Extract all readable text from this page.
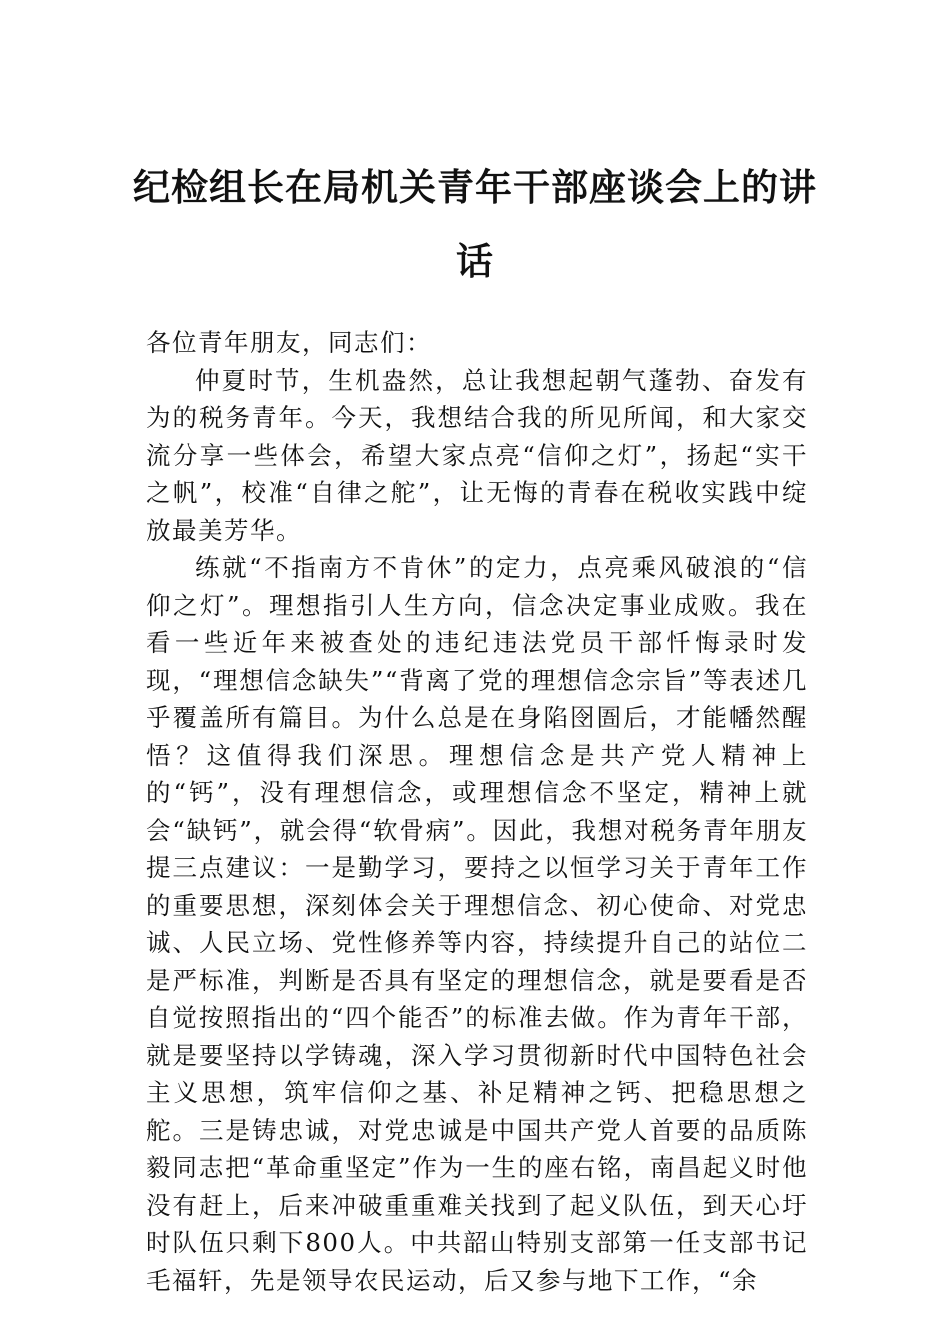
纪检组长在局机关青年干部座谈会上的讲话

各位青年朋友，同志们：

仲夏时节，生机盎然，总让我想起朝气蓬勃、奋发有为的税务青年。今天，我想结合我的所见所闻，和大家交流分享一些体会，希望大家点亮“信仰之灯”，扬起“实干之帆”，校准“自律之舵”，让无悔的青春在税收实践中绽放最美芳华。

练就“不指南方不肯休”的定力，点亮乘风破浪的“信仰之灯”。理想指引人生方向，信念决定事业成败。我在看一些近年来被查处的违纪违法党员干部忏悔录时发现，“理想信念缺失”“背离了党的理想信念宗旨”等表述几乎覆盖所有篇目。为什么总是在身陷囹圄后，才能幡然醒悟？这值得我们深思。理想信念是共产党人精神上的“钙”，没有理想信念，或理想信念不坚定，精神上就会“缺钙”，就会得“软骨病”。因此，我想对税务青年朋友提三点建议：一是勤学习，要持之以恒学习关于青年工作的重要思想，深刻体会关于理想信念、初心使命、对党忠诚、人民立场、党性修养等内容，持续提升自己的站位二是严标准，判断是否具有坚定的理想信念，就是要看是否自觉按照指出的“四个能否”的标准去做。作为青年干部，就是要坚持以学铸魂，深入学习贯彻新时代中国特色社会主义思想，筑牢信仰之基、补足精神之钙、把稳思想之舵。三是铸忠诚，对党忠诚是中国共产党人首要的品质陈毅同志把“革命重坚定”作为一生的座右铭，南昌起义时他没有赶上，后来冲破重重难关找到了起义队伍，到天心圩时队伍只剩下800人。中共韶山特别支部第一任支部书记毛福轩，先是领导农民运动，后又参与地下工作，“余
